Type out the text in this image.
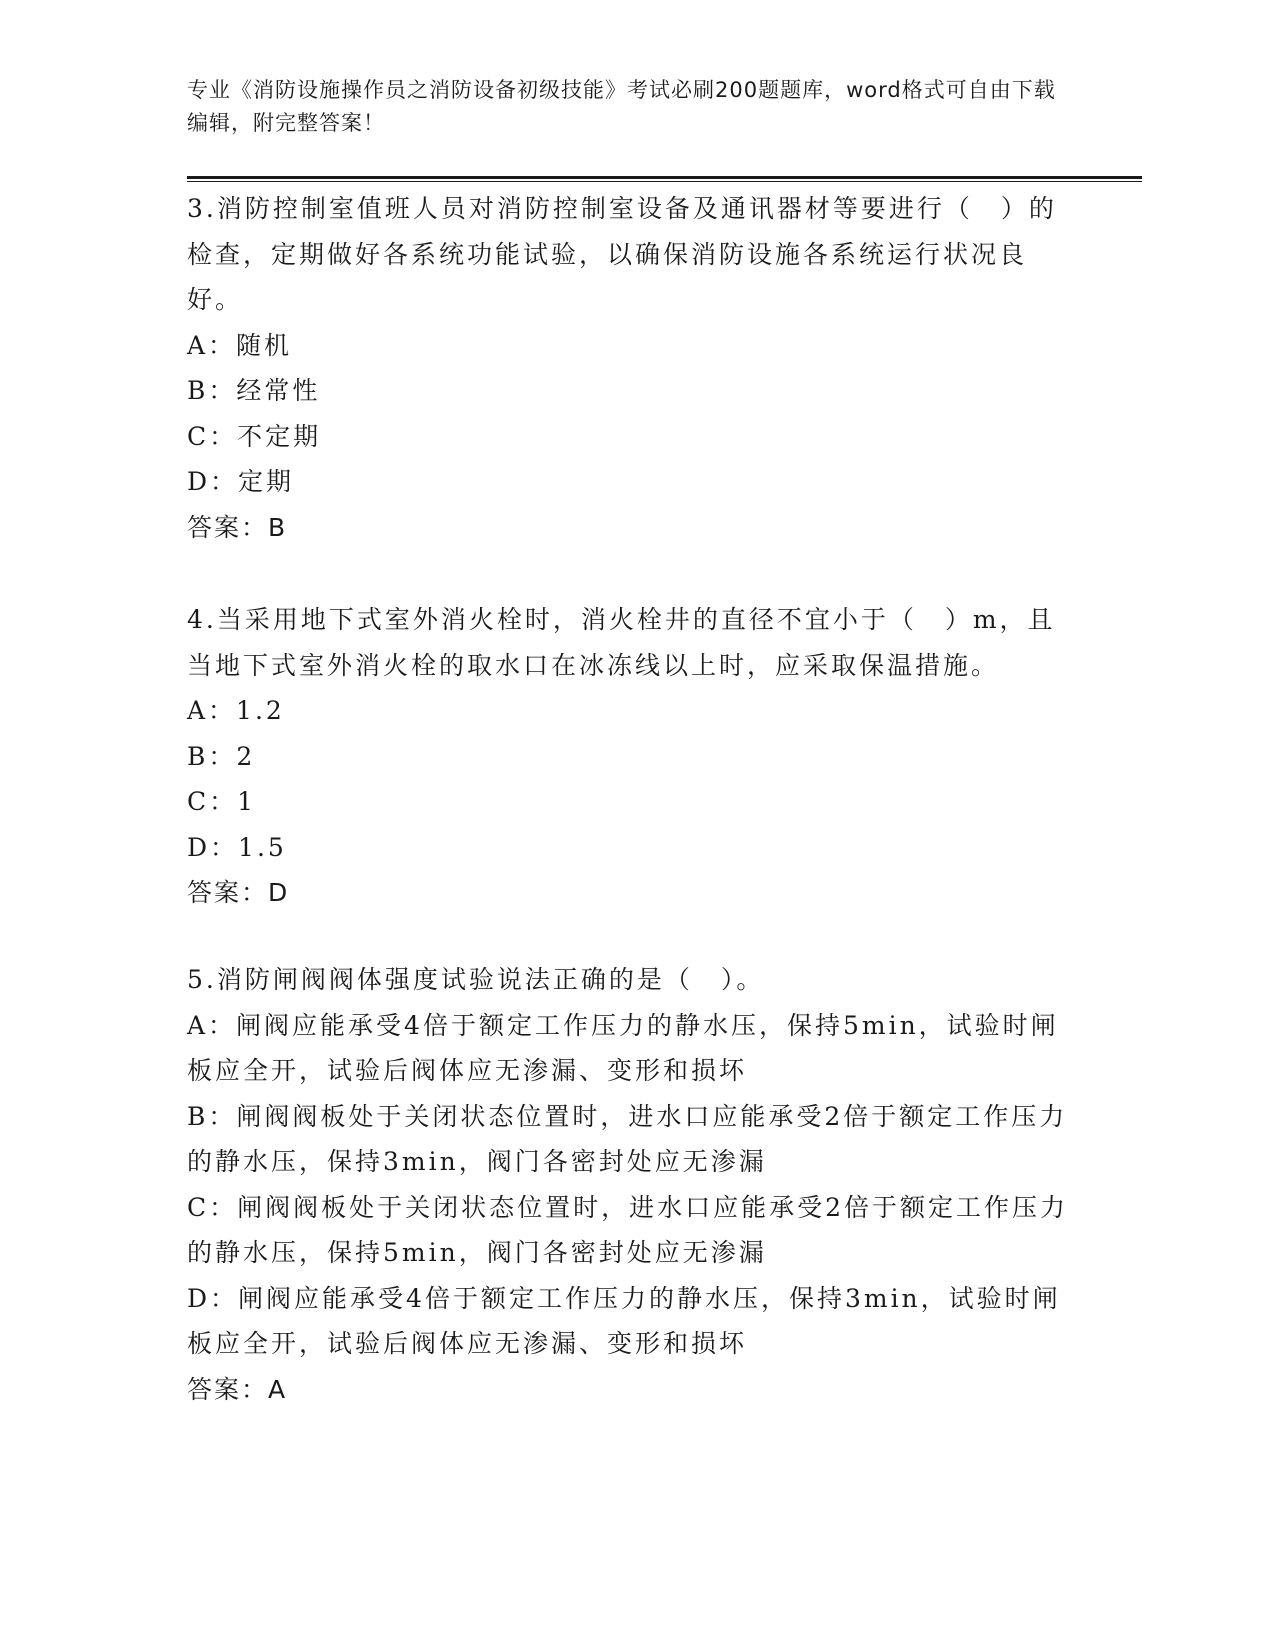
专业《消防设施操作员之消防设备初级技能》考试必刷200题题库，word格式可自由下载编辑，附完整答案！

3.消防控制室值班人员对消防控制室设备及通讯器材等要进行（　）的检查，定期做好各系统功能试验，以确保消防设施各系统运行状况良好。

A：随机

B：经常性

C：不定期

D：定期

答案：B

4.当采用地下式室外消火栓时，消火栓井的直径不宜小于（　）m，且当地下式室外消火栓的取水口在冰冻线以上时，应采取保温措施。

A：1.2

B：2

C：1

D：1.5

答案：D

5.消防闸阀阀体强度试验说法正确的是（　）。

A：闸阀应能承受4倍于额定工作压力的静水压，保持5min，试验时闸板应全开，试验后阀体应无渗漏、变形和损坏

B：闸阀阀板处于关闭状态位置时，进水口应能承受2倍于额定工作压力的静水压，保持3min，阀门各密封处应无渗漏

C：闸阀阀板处于关闭状态位置时，进水口应能承受2倍于额定工作压力的静水压，保持5min，阀门各密封处应无渗漏

D：闸阀应能承受4倍于额定工作压力的静水压，保持3min，试验时闸板应全开，试验后阀体应无渗漏、变形和损坏

答案：A
